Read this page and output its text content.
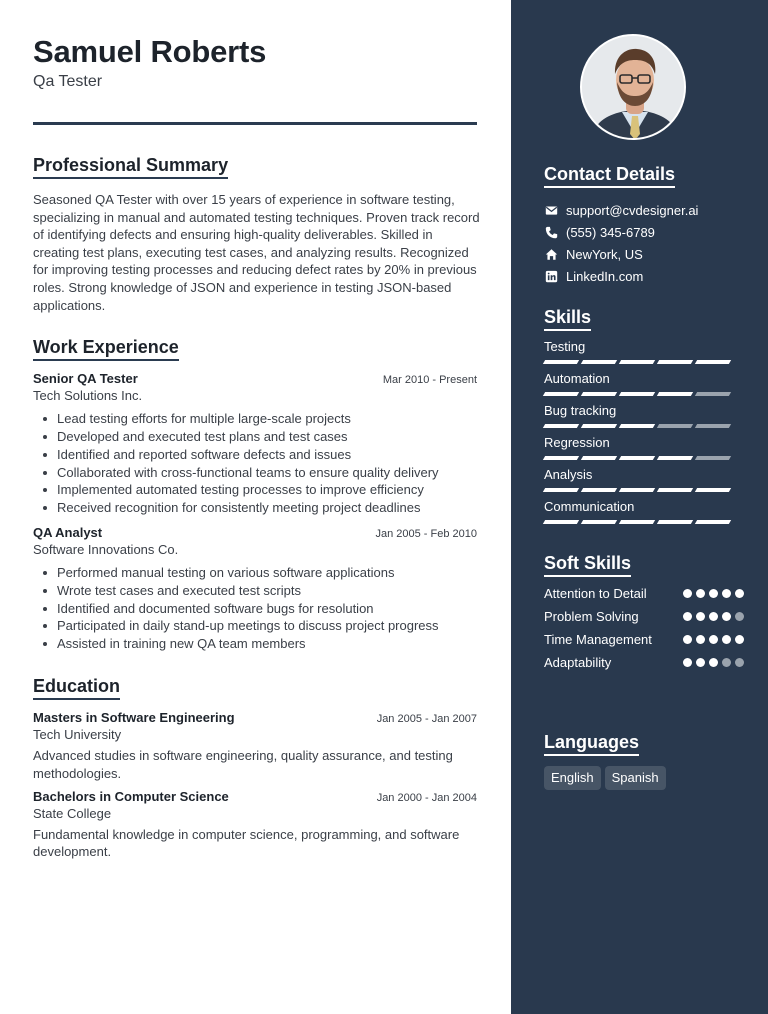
Samuel Roberts
Qa Tester
Professional Summary

Seasoned QA Tester with over 15 years of experience in software testing, specializing in manual and automated testing techniques. Proven track record of identifying defects and ensuring high-quality deliverables. Skilled in creating test plans, executing test cases, and analyzing results. Recognized for improving testing processes and reducing defect rates by 20% in previous roles. Strong knowledge of JSON and experience in testing JSON-based applications.

Work Experience
Senior QA Tester	Mar 2010 - Present
Tech Solutions Inc.
Lead testing efforts for multiple large-scale projects
Developed and executed test plans and test cases
Identified and reported software defects and issues
Collaborated with cross-functional teams to ensure quality delivery
Implemented automated testing processes to improve efficiency
Received recognition for consistently meeting project deadlines
QA Analyst	Jan 2005 - Feb 2010
Software Innovations Co.
Performed manual testing on various software applications
Wrote test cases and executed test scripts
Identified and documented software bugs for resolution
Participated in daily stand-up meetings to discuss project progress
Assisted in training new QA team members
Education
Masters in Software Engineering	Jan 2005 - Jan 2007
Tech University

Advanced studies in software engineering, quality assurance, and testing methodologies.

Bachelors in Computer Science	Jan 2000 - Jan 2004
State College

Fundamental knowledge in computer science, programming, and software development.

Contact Details
support@cvdesigner.ai
(555) 345-6789
NewYork, US
LinkedIn.com
Skills
Testing
Automation
Bug tracking
Regression
Analysis
Communication
Soft Skills
Attention to Detail
Problem Solving
Time Management
Adaptability
Languages
English	Spanish
